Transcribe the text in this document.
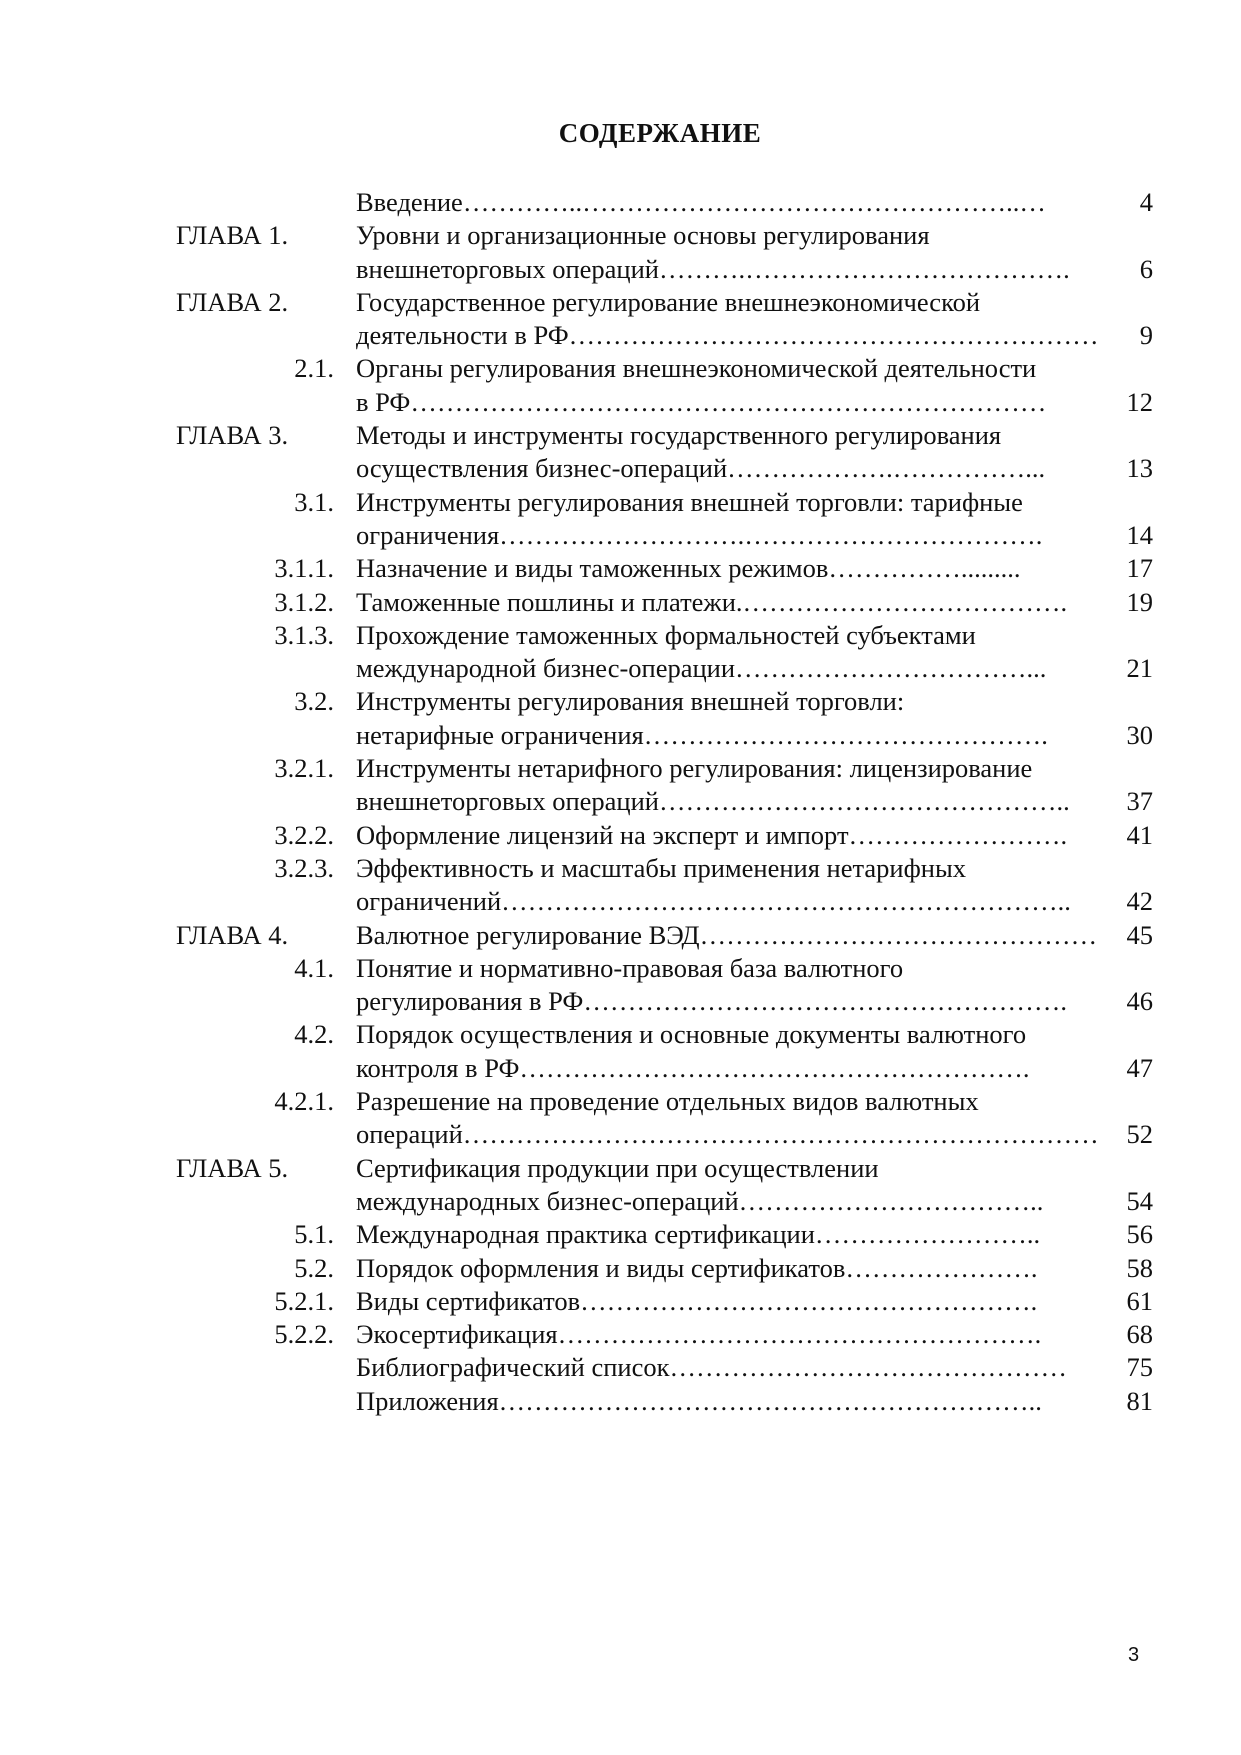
СОДЕРЖАНИЕ
Введение…………..…………………………………………..…	4
ГЛАВА 1.	Уровни и организационные основы регулирования
внешнеторговых операций……….……………………………….	6
ГЛАВА 2.	Государственное регулирование внешнеэкономической
деятельности в РФ…………………………………………………… 9
2.1. Органы регулирования внешнеэкономической деятельности
в РФ………………………………………………………………	12
ГЛАВА 3.	Методы и инструменты государственного регулирования
осуществления бизнес-операций……………….……………...	13
3.1. Инструменты регулирования внешней торговли: тарифные
ограничения……………………….…………………………….	14
3.1.1. Назначение и виды таможенных режимов…………….........	17
3.1.2. Таможенные пошлины и платежи.………………………………. 19
3.1.3. Прохождение таможенных формальностей субъектами
международной бизнес-операции……………………………...	21
3.2. Инструменты регулирования внешней торговли:
нетарифные ограничения……………………………………….	30
3.2.1. Инструменты нетарифного регулирования: лицензирование
внешнеторговых операций……………………………………….. 37
3.2.2. Оформление лицензий на эксперт и импорт……………………. 41
3.2.3. Эффективность и масштабы применения нетарифных
ограничений……………………………………………………….. 42
ГЛАВА 4.	Валютное регулирование ВЭД……………………………………… 45
4.1. Понятие и нормативно-правовая база валютного
регулирования в РФ………………………………………………. 46
4.2. Порядок осуществления и основные документы валютного
контроля в РФ………………………………………………….	47
4.2.1. Разрешение на проведение отдельных видов валютных
операций……………………………………………………………… 52
ГЛАВА 5.	Сертификация продукции при осуществлении
международных бизнес-операций……………………………..	54
5.1. Международная практика сертификации……………………..	56
5.2. Порядок оформления и виды сертификатов………………….	58
5.2.1. Виды сертификатов…………………………………………….	61
5.2.2. Экосертификация……………………………………………….	68
Библиографический список……………………………………… 75
Приложения……………………………………………………..	81
3
